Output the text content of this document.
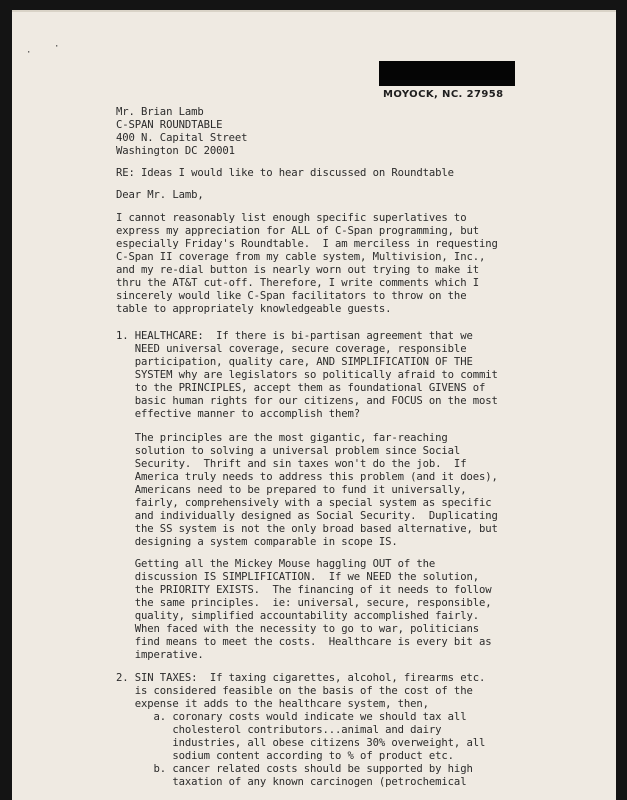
·
·
MOYOCK, NC. 27958
Mr. Brian Lamb
C-SPAN ROUNDTABLE
400 N. Capital Street
Washington DC 20001
RE: Ideas I would like to hear discussed on Roundtable
Dear Mr. Lamb,
I cannot reasonably list enough specific superlatives to
express my appreciation for ALL of C-Span programming, but
especially Friday's Roundtable.  I am merciless in requesting
C-Span II coverage from my cable system, Multivision, Inc.,
and my re-dial button is nearly worn out trying to make it
thru the AT&T cut-off. Therefore, I write comments which I
sincerely would like C-Span facilitators to throw on the
table to appropriately knowledgeable guests.
1. HEALTHCARE:  If there is bi-partisan agreement that we
NEED universal coverage, secure coverage, responsible
participation, quality care, AND SIMPLIFICATION OF THE
SYSTEM why are legislators so politically afraid to commit
to the PRINCIPLES, accept them as foundational GIVENS of
basic human rights for our citizens, and FOCUS on the most
effective manner to accomplish them?
The principles are the most gigantic, far-reaching
solution to solving a universal problem since Social
Security.  Thrift and sin taxes won't do the job.  If
America truly needs to address this problem (and it does),
Americans need to be prepared to fund it universally,
fairly, comprehensively with a special system as specific
and individually designed as Social Security.  Duplicating
the SS system is not the only broad based alternative, but
designing a system comparable in scope IS.
Getting all the Mickey Mouse haggling OUT of the
discussion IS SIMPLIFICATION.  If we NEED the solution,
the PRIORITY EXISTS.  The financing of it needs to follow
the same principles.  ie: universal, secure, responsible,
quality, simplified accountability accomplished fairly.
When faced with the necessity to go to war, politicians
find means to meet the costs.  Healthcare is every bit as
imperative.
2. SIN TAXES:  If taxing cigarettes, alcohol, firearms etc.
is considered feasible on the basis of the cost of the
expense it adds to the healthcare system, then,
a. coronary costs would indicate we should tax all
cholesterol contributors...animal and dairy
industries, all obese citizens 30% overweight, all
sodium content according to % of product etc.
b. cancer related costs should be supported by high
taxation of any known carcinogen (petrochemical
